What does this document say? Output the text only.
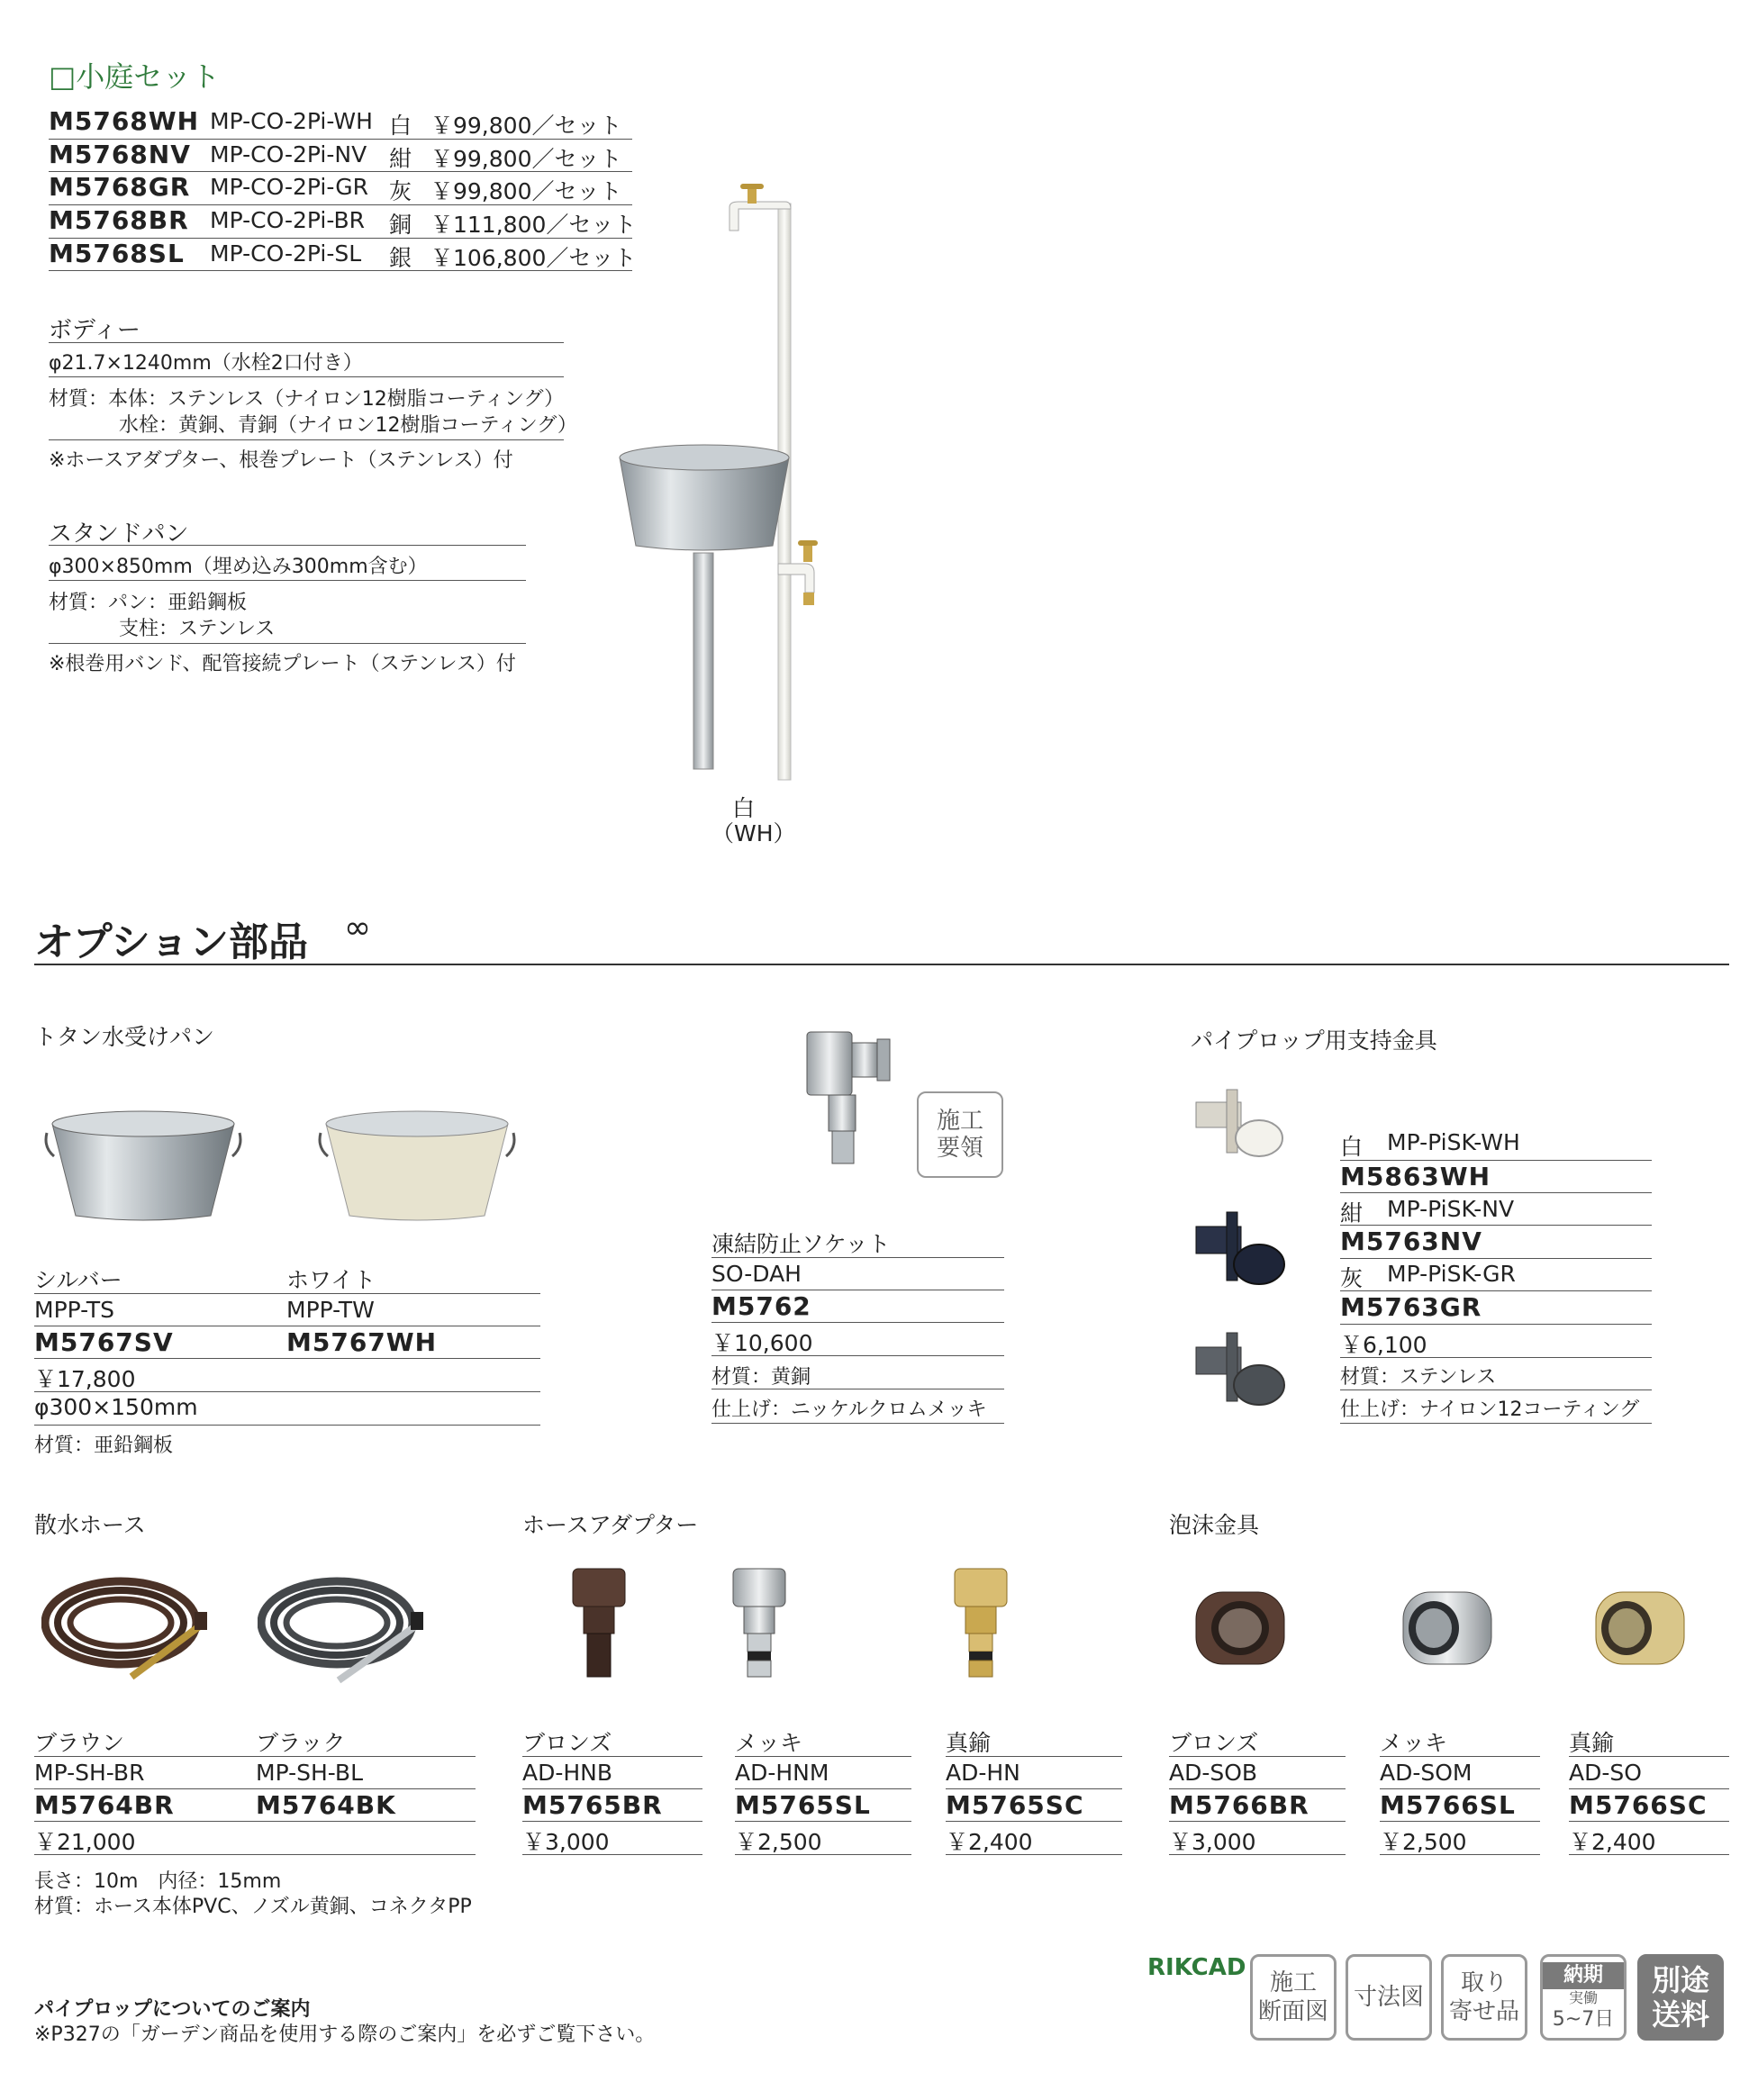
□小庭セット
M5768WH MP-CO-2Pi-WH 白 ￥99,800／セット
M5768NV MP-CO-2Pi-NV 紺 ￥99,800／セット
M5768GR MP-CO-2Pi-GR 灰 ￥99,800／セット
M5768BR MP-CO-2Pi-BR 銅 ￥111,800／セット
M5768SL MP-CO-2Pi-SL 銀 ￥106,800／セット
ボディー
φ21.7×1240mm（水栓2口付き）
材質：本体：ステンレス（ナイロン12樹脂コーティング）
水栓：黄銅、青銅（ナイロン12樹脂コーティング）
※ホースアダプター、根巻プレート（ステンレス）付
スタンドパン
φ300×850mm（埋め込み300mm含む）
材質：パン：亜鉛鋼板
支柱：ステンレス
※根巻用バンド、配管接続プレート（ステンレス）付
白
（WH）
オプション部品 ∞
トタン水受けパン
シルバー	ホワイト
MPP-TS	MPP-TW
M5767SV	M5767WH
￥17,800
φ300×150mm
材質：亜鉛鋼板
施工
要領
凍結防止ソケット
SO-DAH
M5762
￥10,600
材質：黄銅
仕上げ：ニッケルクロムメッキ
パイプロップ用支持金具
白 MP-PiSK-WH
M5863WH
紺 MP-PiSK-NV
M5763NV
灰 MP-PiSK-GR
M5763GR
￥6,100
材質：ステンレス
仕上げ：ナイロン12コーティング
散水ホース
ブラウン	ブラック
MP-SH-BR	MP-SH-BL
M5764BR	M5764BK
￥21,000
長さ：10m　内径：15mm
材質：ホース本体PVC、ノズル黄銅、コネクタPP
ホースアダプター
ブロンズ	メッキ	真鍮
AD-HNB	AD-HNM	AD-HN
M5765BR	M5765SL	M5765SC
￥3,000	￥2,500	￥2,400
泡沫金具
ブロンズ	メッキ	真鍮
AD-SOB	AD-SOM	AD-SO
M5766BR	M5766SL M5766SC
￥3,000	￥2,500	￥2,400
パイプロップについてのご案内
※P327の「ガーデン商品を使用する際のご案内」を必ずご覧下さい。
RIKCAD
施工
断面図
寸法図
取り
寄せ品
納期
実働
5~7日
別途
送料
